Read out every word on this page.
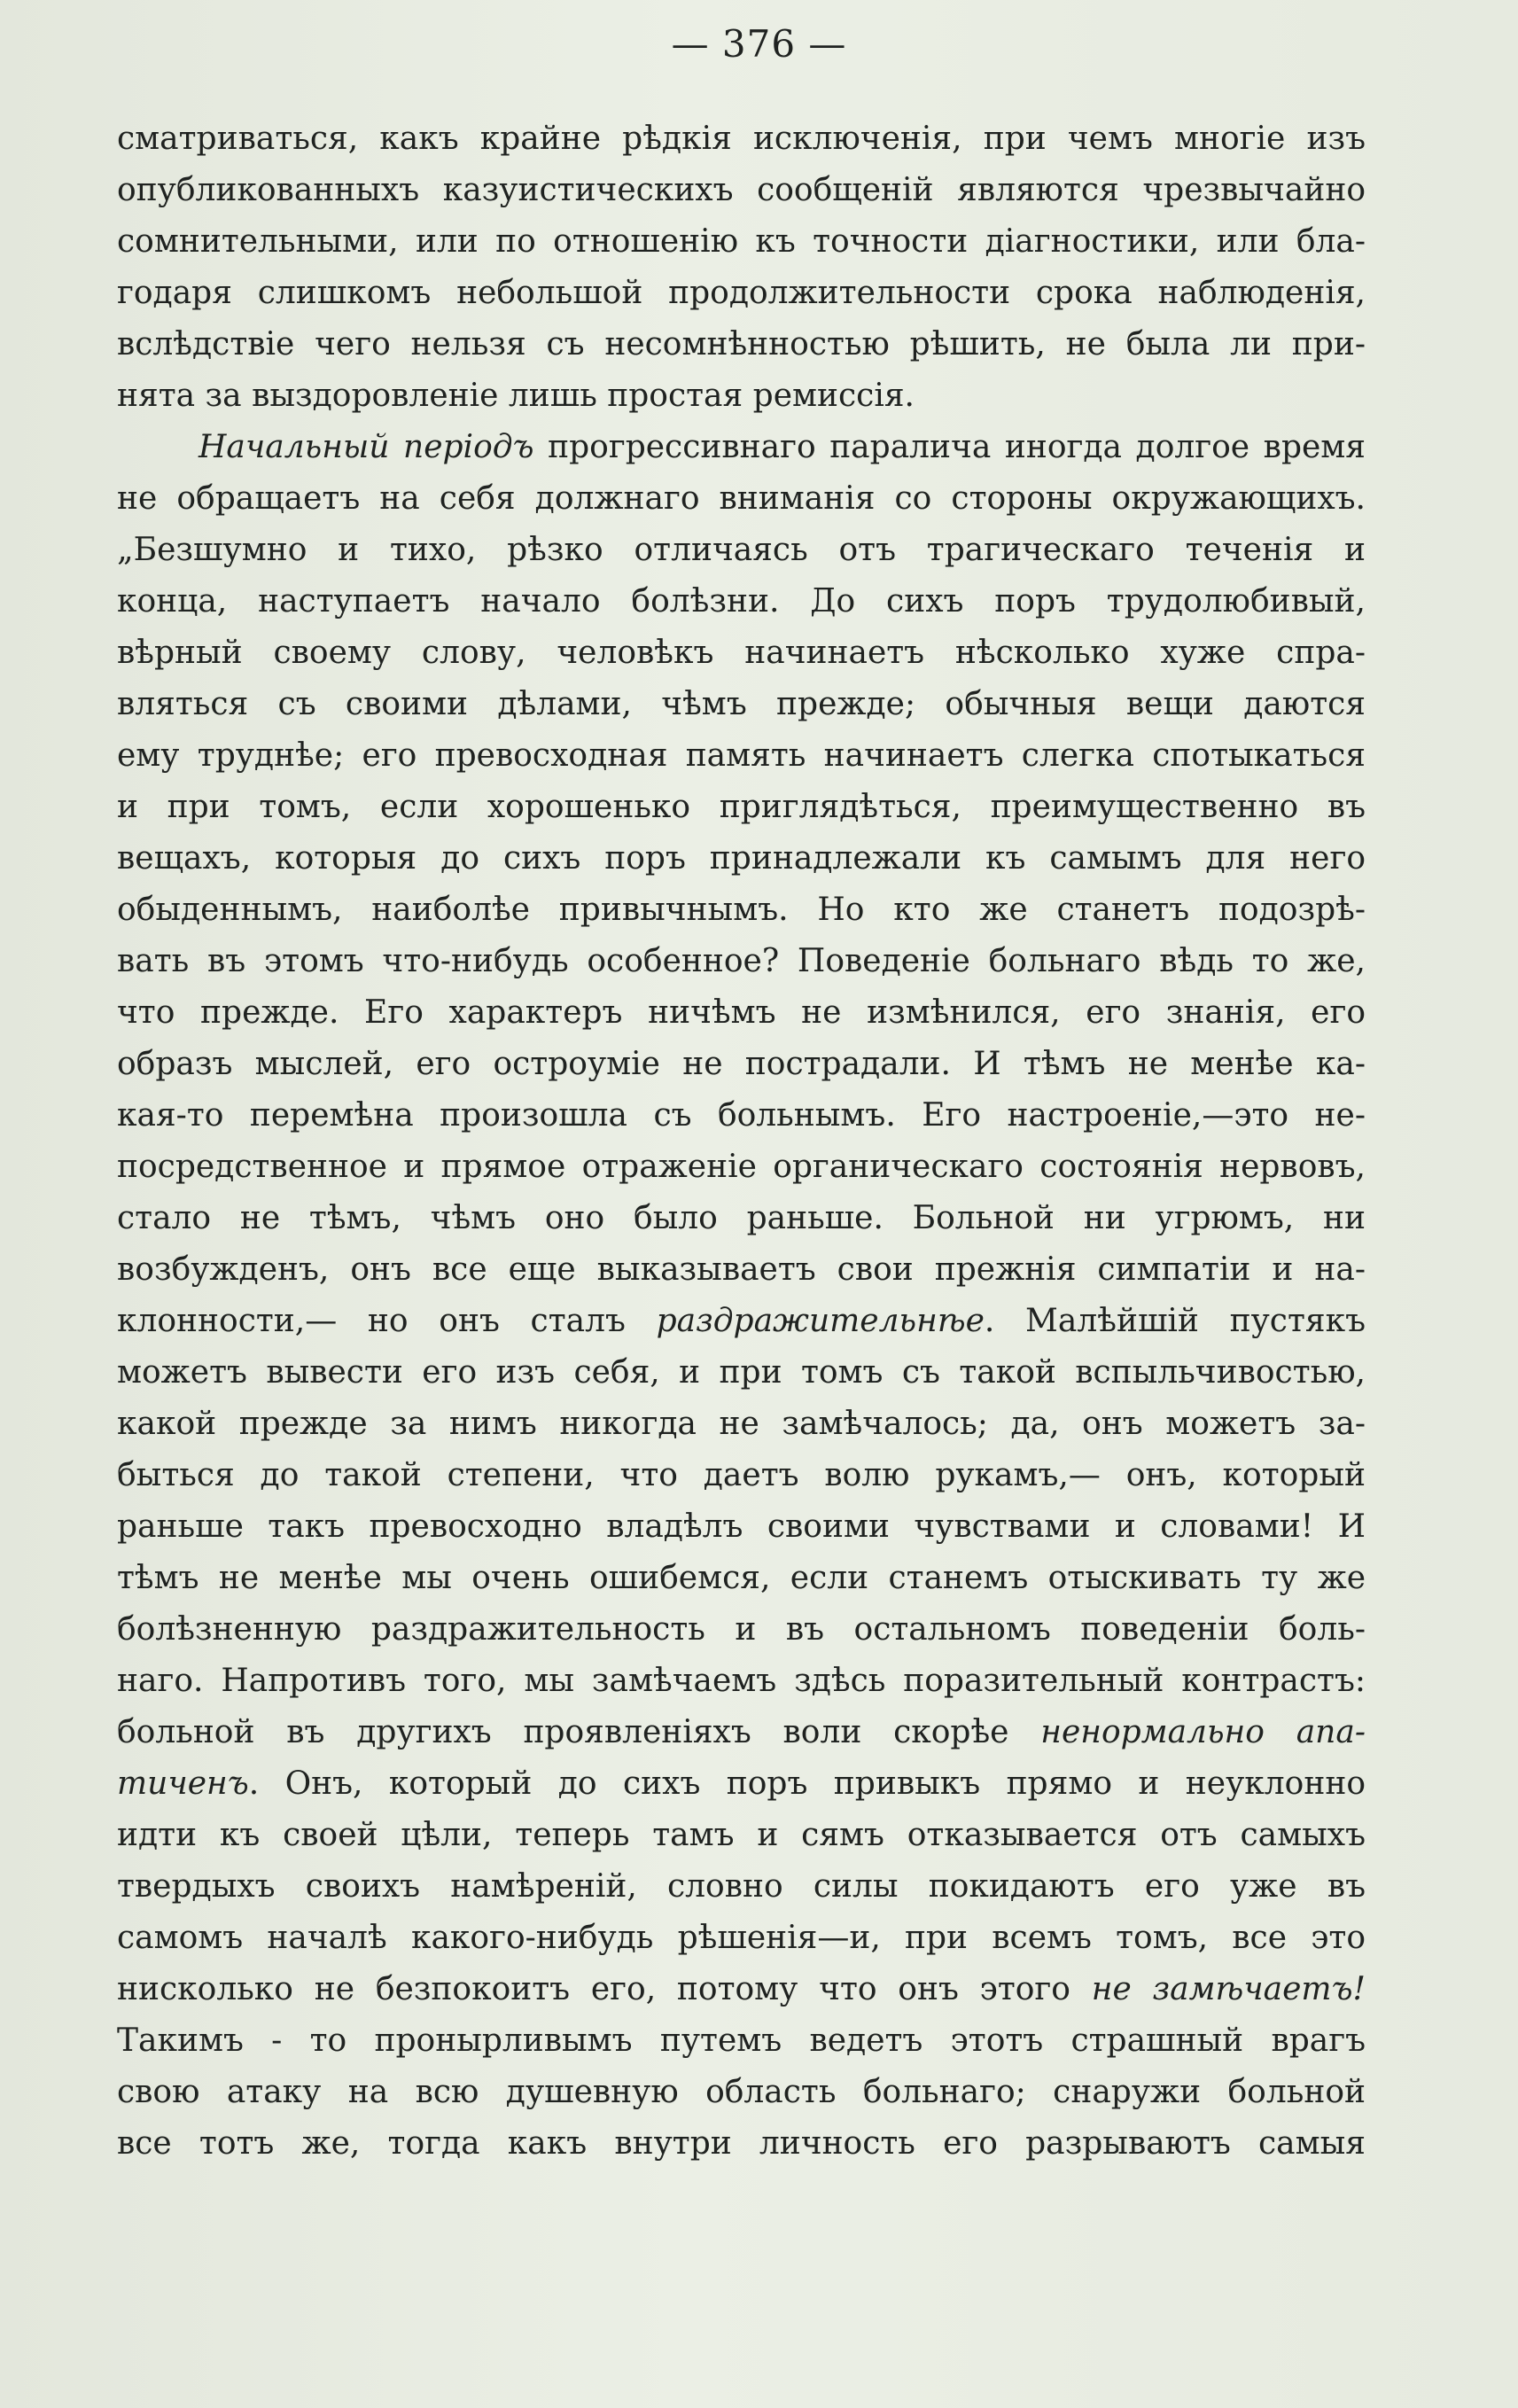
— 376 —
сматриваться, какъ крайне рѣдкія исключенія, при чемъ многіе изъ
опубликованныхъ казуистическихъ сообщеній являются чрезвычайно
сомнительными, или по отношенію къ точности діагностики, или бла-
годаря слишкомъ небольшой продолжительности срока наблюденія,
вслѣдствіе чего нельзя съ несомнѣнностью рѣшить, не была ли при-
нята за выздоровленіе лишь простая ремиссія.
Начальный періодъ прогрессивнаго паралича иногда долгое время
не обращаетъ на себя должнаго вниманія со стороны окружающихъ.
„Безшумно и тихо, рѣзко отличаясь отъ трагическаго теченія и
конца, наступаетъ начало болѣзни. До сихъ поръ трудолюбивый,
вѣрный своему слову, человѣкъ начинаетъ нѣсколько хуже спра-
вляться съ своими дѣлами, чѣмъ прежде; обычныя вещи даются
ему труднѣе; его превосходная память начинаетъ слегка спотыкаться
и при томъ, если хорошенько приглядѣться, преимущественно въ
вещахъ, которыя до сихъ поръ принадлежали къ самымъ для него
обыденнымъ, наиболѣе привычнымъ. Но кто же станетъ подозрѣ-
вать въ этомъ что-нибудь особенное? Поведеніе больнаго вѣдь то же,
что прежде. Его характеръ ничѣмъ не измѣнился, его знанія, его
образъ мыслей, его остроуміе не пострадали. И тѣмъ не менѣе ка-
кая-то перемѣна произошла съ больнымъ. Его настроеніе,—это не-
посредственное и прямое отраженіе органическаго состоянія нервовъ,
стало не тѣмъ, чѣмъ оно было раньше. Больной ни угрюмъ, ни
возбужденъ, онъ все еще выказываетъ свои прежнія симпатіи и на-
клонности,— но онъ сталъ раздражительнѣе. Малѣйшій пустякъ
можетъ вывести его изъ себя, и при томъ съ такой вспыльчивостью,
какой прежде за нимъ никогда не замѣчалось; да, онъ можетъ за-
быться до такой степени, что даетъ волю рукамъ,— онъ, который
раньше такъ превосходно владѣлъ своими чувствами и словами! И
тѣмъ не менѣе мы очень ошибемся, если станемъ отыскивать ту же
болѣзненную раздражительность и въ остальномъ поведеніи боль-
наго. Напротивъ того, мы замѣчаемъ здѣсь поразительный контрастъ:
больной въ другихъ проявленіяхъ воли скорѣе ненормально апа-
тиченъ. Онъ, который до сихъ поръ привыкъ прямо и неуклонно
идти къ своей цѣли, теперь тамъ и сямъ отказывается отъ самыхъ
твердыхъ своихъ намѣреній, словно силы покидаютъ его уже въ
самомъ началѣ какого-нибудь рѣшенія—и, при всемъ томъ, все это
нисколько не безпокоитъ его, потому что онъ этого не замѣчаетъ!
Такимъ - то пронырливымъ путемъ ведетъ этотъ страшный врагъ
свою атаку на всю душевную область больнаго; снаружи больной
все тотъ же, тогда какъ внутри личность его разрываютъ самыя
